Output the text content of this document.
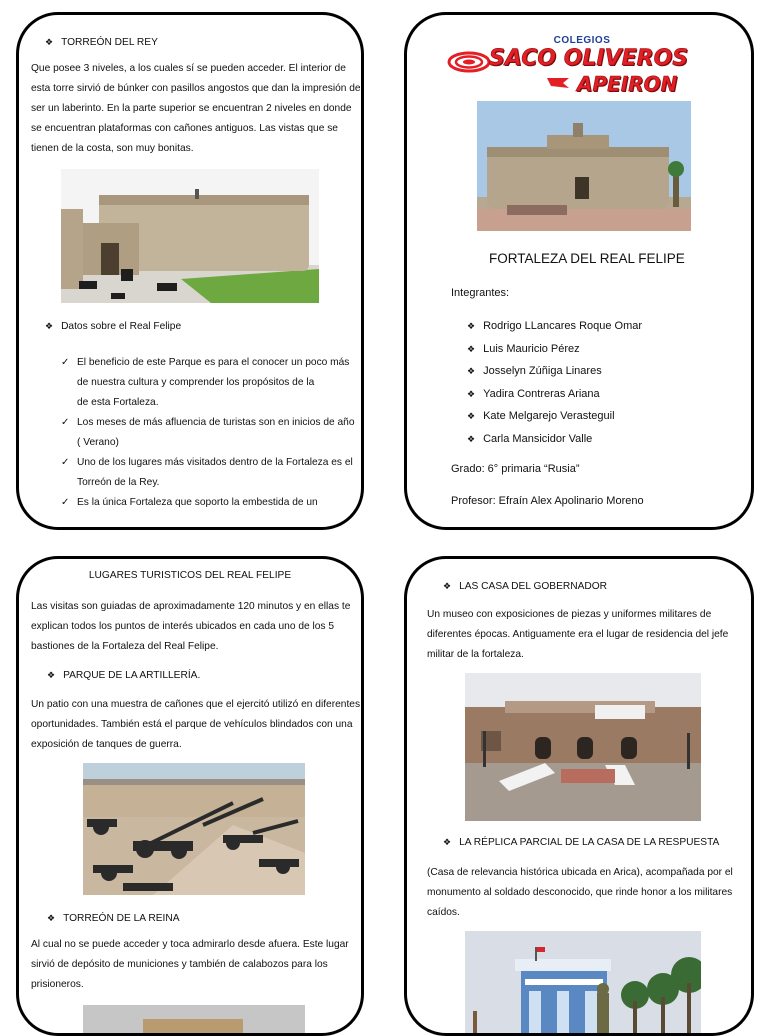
❖ TORREÓN DEL REY
Que posee 3 niveles, a los cuales sí se pueden acceder. El interior de
esta torre sirvió de búnker con pasillos angostos que dan la impresión de
ser un laberinto. En la parte superior se encuentran 2 niveles en donde
se encuentran plataformas con cañones antiguos. Las vistas que se
tienen de la costa, son muy bonitas.
❖ Datos sobre el Real Felipe
✓ El beneficio de este Parque es para el conocer un poco más
de nuestra cultura y comprender los propósitos de la
de esta Fortaleza.
✓ Los meses de más afluencia de turistas son en inicios de año
( Verano)
✓ Uno de los lugares más visitados dentro de la Fortaleza es el
Torreón de la Rey.
✓ Es la única Fortaleza que soporto la embestida de un
COLEGIOS
SACO OLIVEROS
APEIRON
FORTALEZA DEL REAL FELIPE
Integrantes:
❖ Rodrigo LLancares Roque Omar
❖ Luis Mauricio Pérez
❖ Josselyn Zúñiga Linares
❖ Yadira Contreras Ariana
❖ Kate Melgarejo Verasteguil
❖ Carla Mansicidor Valle
Grado: 6° primaria “Rusia”
Profesor: Efraín Alex Apolinario Moreno
LUGARES TURISTICOS DEL REAL FELIPE
Las visitas son guiadas de aproximadamente 120 minutos y en ellas te
explican todos los puntos de interés ubicados en cada uno de los 5
bastiones de la Fortaleza del Real Felipe.
❖ PARQUE DE LA ARTILLERÍA.
Un patio con una muestra de cañones que el ejercitó utilizó en diferentes
oportunidades. También está el parque de vehículos blindados con una
exposición de tanques de guerra.
❖ TORREÓN DE LA REINA
Al cual no se puede acceder y toca admirarlo desde afuera. Este lugar
sirvió de depósito de municiones y también de calabozos para los
prisioneros.
❖ LAS CASA DEL GOBERNADOR
Un museo con exposiciones de piezas y uniformes militares de
diferentes épocas. Antiguamente era el lugar de residencia del jefe
militar de la fortaleza.
❖ LA RÉPLICA PARCIAL DE LA CASA DE LA RESPUESTA
(Casa de relevancia histórica ubicada en Arica), acompañada por el
monumento al soldado desconocido, que rinde honor a los militares
caídos.
